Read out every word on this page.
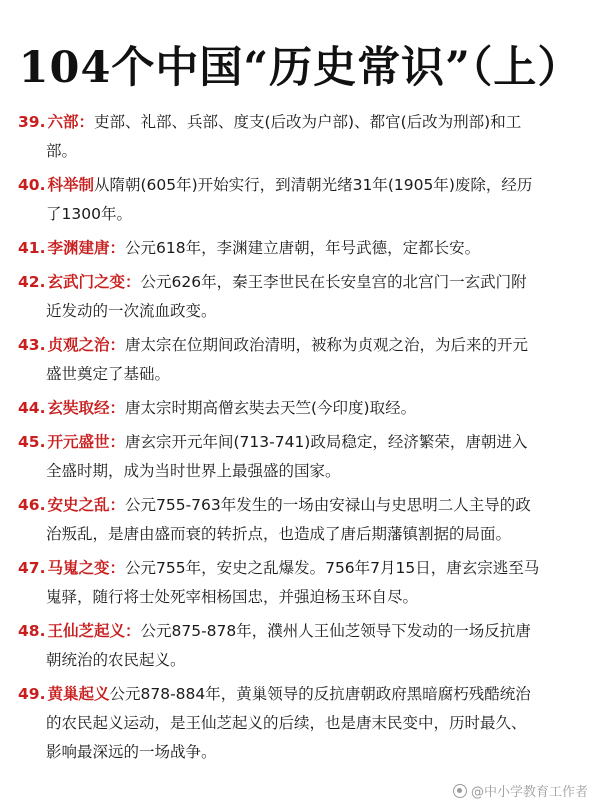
104个中国“历史常识”（上）
39. 六部：吏部、礼部、兵部、度支(后改为户部)、都官(后改为刑部)和工
部。
40. 科举制从隋朝(605年)开始实行，到清朝光绪31年(1905年)废除，经历
了1300年。
41. 李渊建唐：公元618年，李渊建立唐朝，年号武德，定都长安。
42. 玄武门之变：公元626年，秦王李世民在长安皇宫的北宫门一玄武门附
近发动的一次流血政变。
43. 贞观之治：唐太宗在位期间政治清明，被称为贞观之治，为后来的开元
盛世奠定了基础。
44. 玄奘取经：唐太宗时期高僧玄奘去天竺(今印度)取经。
45. 开元盛世：唐玄宗开元年间(713-741)政局稳定，经济繁荣，唐朝进入
全盛时期，成为当时世界上最强盛的国家。
46. 安史之乱：公元755-763年发生的一场由安禄山与史思明二人主导的政
治叛乱，是唐由盛而衰的转折点，也造成了唐后期藩镇割据的局面。
47. 马嵬之变：公元755年，安史之乱爆发。756年7月15日，唐玄宗逃至马
嵬驿，随行将士处死宰相杨国忠，并强迫杨玉环自尽。
48. 王仙芝起义：公元875-878年，濮州人王仙芝领导下发动的一场反抗唐
朝统治的农民起义。
49. 黄巢起义公元878-884年，黄巢领导的反抗唐朝政府黑暗腐朽残酷统治
的农民起义运动，是王仙芝起义的后续，也是唐末民变中，历时最久、
影响最深远的一场战争。
@中小学教育工作者
